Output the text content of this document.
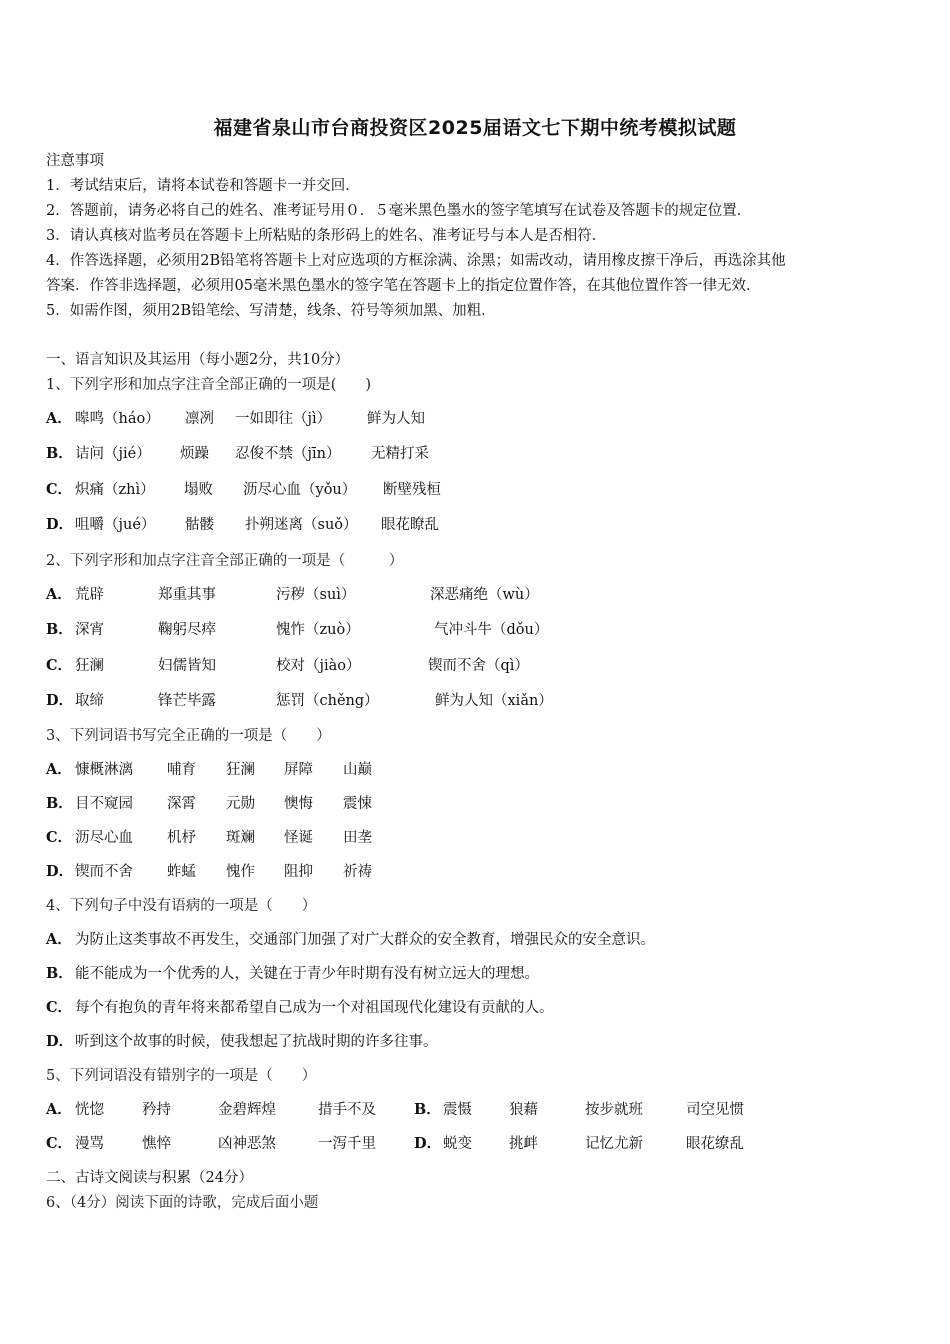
福建省泉山市台商投资区2025届语文七下期中统考模拟试题
注意事项
1．考试结束后，请将本试卷和答题卡一并交回．
2．答题前，请务必将自己的姓名、准考证号用０．５毫米黑色墨水的签字笔填写在试卷及答题卡的规定位置．
3．请认真核对监考员在答题卡上所粘贴的条形码上的姓名、准考证号与本人是否相符．
4．作答选择题，必须用2B铅笔将答题卡上对应选项的方框涂满、涂黑；如需改动，请用橡皮擦干净后，再选涂其他
答案．作答非选择题，必须用05毫米黑色墨水的签字笔在答题卡上的指定位置作答，在其他位置作答一律无效．
5．如需作图，须用2B铅笔绘、写清楚，线条、符号等须加黑、加粗．
一、语言知识及其运用（每小题2分，共10分）
1、下列字形和加点字注音全部正确的一项是(　　)
A． 嗥鸣（háo） 凛冽 一如即往（jì） 鲜为人知
B． 诘问（jié） 烦躁 忍俊不禁（jīn） 无精打采
C． 炽痛（zhì） 塌败 沥尽心血（yǒu） 断壁残桓
D． 咀嚼（jué） 骷髅 扑朔迷离（suǒ） 眼花瞭乱
2、下列字形和加点字注音全部正确的一项是（　　　）
A． 荒辟	郑重其事	污秽（suì）	深恶痛绝（wù）
B． 深宵	鞠躬尽瘁	愧怍（zuò）	气冲斗牛（dǒu）
C． 狂澜	妇儒皆知	校对（jiào）	锲而不舍（qì）
D． 取缔	锋芒毕露	惩罚（chěng）	鲜为人知（xiǎn）
3、下列词语书写完全正确的一项是（　　）
A． 慷概淋漓 哺育 狂澜 屏障 山巅
B． 目不窥园 深霄 元勋 懊悔 震悚
C． 沥尽心血 机杼 斑斓 怪诞 田垄
D． 锲而不舍 蚱蜢 愧作 阻抑 祈祷
4、下列句子中没有语病的一项是（　　）
A． 为防止这类事故不再发生，交通部门加强了对广大群众的安全教育，增强民众的安全意识。
B． 能不能成为一个优秀的人，关键在于青少年时期有没有树立远大的理想。
C． 每个有抱负的青年将来都希望自己成为一个对祖国现代化建设有贡献的人。
D． 听到这个故事的时候，使我想起了抗战时期的许多往事。
5、下列词语没有错别字的一项是（　　）
A． 恍惚	矜持	金碧辉煌	措手不及	B． 震慑	狼藉	按步就班	司空见惯
C． 漫骂	憔悴	凶神恶煞	一泻千里	D． 蜕变	挑衅	记忆尤新	眼花缭乱
二、古诗文阅读与积累（24分）
6、（4分）阅读下面的诗歌，完成后面小题
